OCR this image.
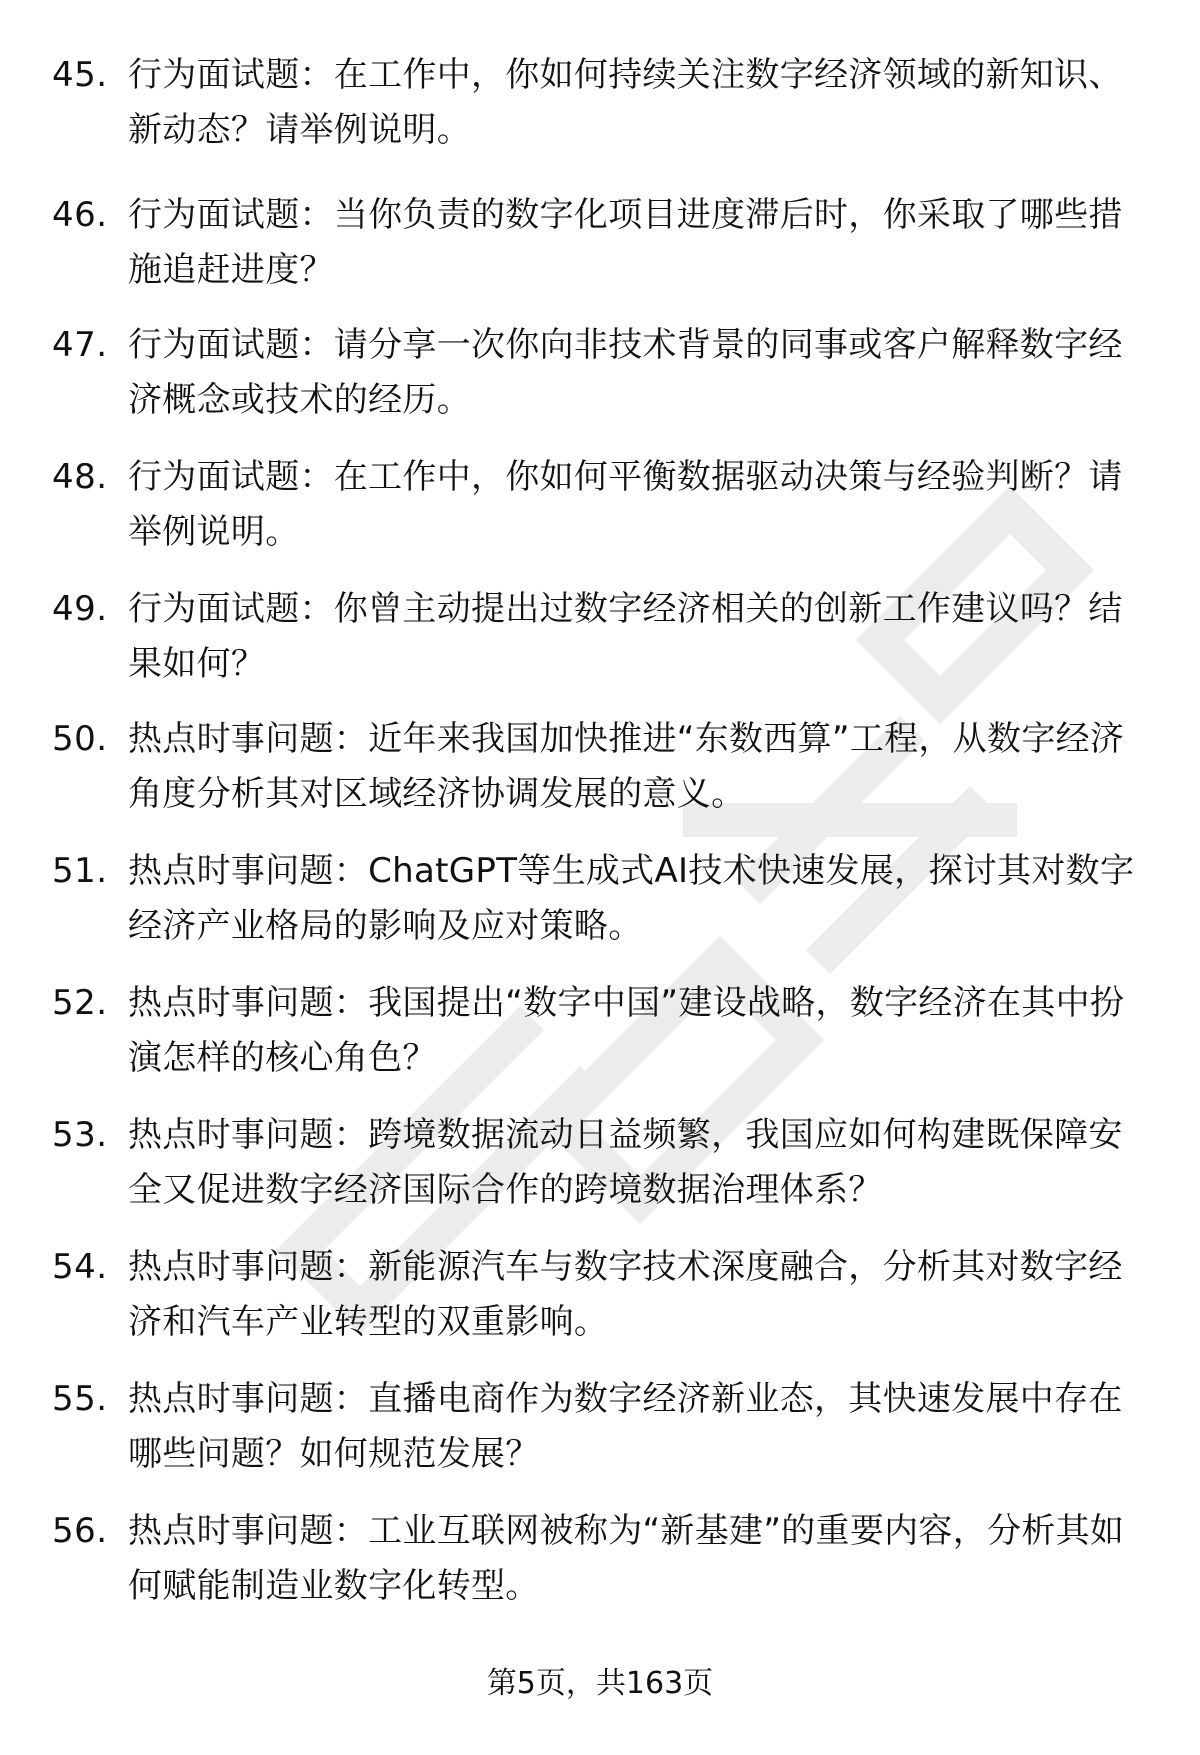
45. 行为面试题：在工作中，你如何持续关注数字经济领域的新知识、新动态？请举例说明。
46. 行为面试题：当你负责的数字化项目进度滞后时，你采取了哪些措施追赶进度？
47. 行为面试题：请分享一次你向非技术背景的同事或客户解释数字经济概念或技术的经历。
48. 行为面试题：在工作中，你如何平衡数据驱动决策与经验判断？请举例说明。
49. 行为面试题：你曾主动提出过数字经济相关的创新工作建议吗？结果如何？
50. 热点时事问题：近年来我国加快推进“东数西算”工程，从数字经济角度分析其对区域经济协调发展的意义。
51. 热点时事问题：ChatGPT等生成式AI技术快速发展，探讨其对数字经济产业格局的影响及应对策略。
52. 热点时事问题：我国提出“数字中国”建设战略，数字经济在其中扮演怎样的核心角色？
53. 热点时事问题：跨境数据流动日益频繁，我国应如何构建既保障安全又促进数字经济国际合作的跨境数据治理体系？
54. 热点时事问题：新能源汽车与数字技术深度融合，分析其对数字经济和汽车产业转型的双重影响。
55. 热点时事问题：直播电商作为数字经济新业态，其快速发展中存在哪些问题？如何规范发展？
56. 热点时事问题：工业互联网被称为“新基建”的重要内容，分析其如何赋能制造业数字化转型。
第5页，共163页
